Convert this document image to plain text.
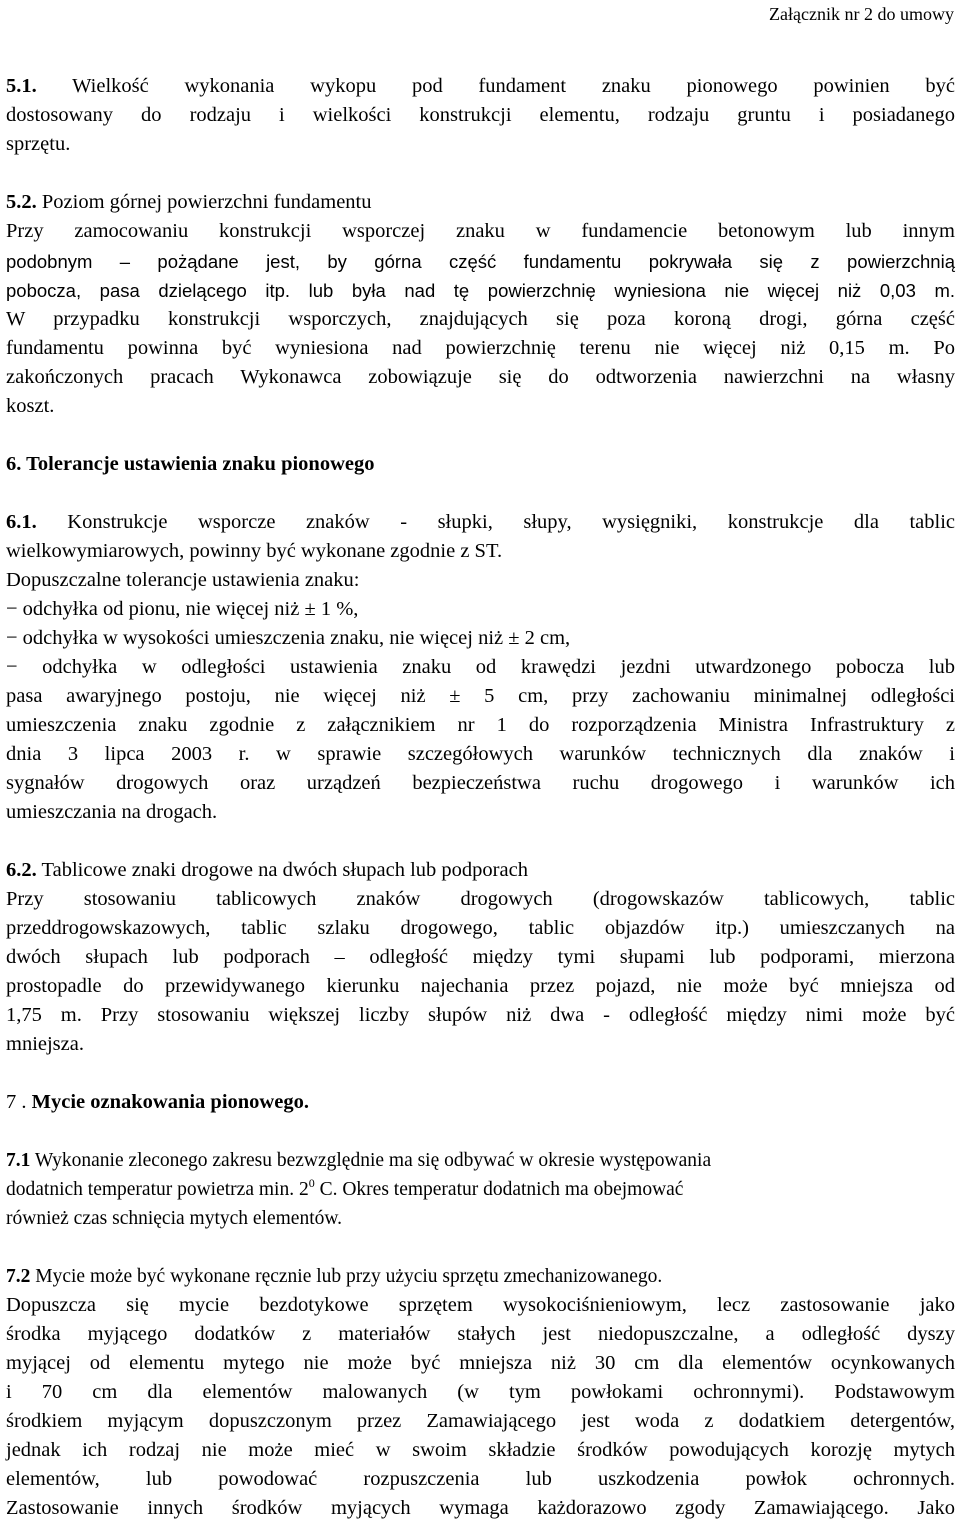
Załącznik nr 2 do umowy
5.1. Wielkość wykonania wykopu pod fundament znaku pionowego powinien być
dostosowany do rodzaju i wielkości konstrukcji elementu, rodzaju gruntu i posiadanego
sprzętu.
5.2. Poziom górnej powierzchni fundamentu
Przy zamocowaniu konstrukcji wsporczej znaku w fundamencie betonowym lub innym
podobnym – pożądane jest, by górna część fundamentu pokrywała się z powierzchnią
pobocza, pasa dzielącego itp. lub była nad tę powierzchnię wyniesiona nie więcej niż 0,03 m.
W przypadku konstrukcji wsporczych, znajdujących się poza koroną drogi, górna część
fundamentu powinna być wyniesiona nad powierzchnię terenu nie więcej niż 0,15 m. Po
zakończonych pracach Wykonawca zobowiązuje się do odtworzenia nawierzchni na własny
koszt.
6. Tolerancje ustawienia znaku pionowego
6.1. Konstrukcje wsporcze znaków - słupki, słupy, wysięgniki, konstrukcje dla tablic
wielkowymiarowych, powinny być wykonane zgodnie z ST.
Dopuszczalne tolerancje ustawienia znaku:
− odchyłka od pionu, nie więcej niż ± 1 %,
− odchyłka w wysokości umieszczenia znaku, nie więcej niż ± 2 cm,
− odchyłka w odległości ustawienia znaku od krawędzi jezdni utwardzonego pobocza lub
pasa awaryjnego postoju, nie więcej niż ± 5 cm, przy zachowaniu minimalnej odległości
umieszczenia znaku zgodnie z załącznikiem nr 1 do rozporządzenia Ministra Infrastruktury z
dnia 3 lipca 2003 r. w sprawie szczegółowych warunków technicznych dla znaków i
sygnałów drogowych oraz urządzeń bezpieczeństwa ruchu drogowego i warunków ich
umieszczania na drogach.
6.2. Tablicowe znaki drogowe na dwóch słupach lub podporach
Przy stosowaniu tablicowych znaków drogowych (drogowskazów tablicowych, tablic
przeddrogowskazowych, tablic szlaku drogowego, tablic objazdów itp.) umieszczanych na
dwóch słupach lub podporach – odległość między tymi słupami lub podporami, mierzona
prostopadle do przewidywanego kierunku najechania przez pojazd, nie może być mniejsza od
1,75 m. Przy stosowaniu większej liczby słupów niż dwa - odległość między nimi może być
mniejsza.
7 . Mycie oznakowania pionowego.
7.1 Wykonanie zleconego zakresu bezwzględnie ma się odbywać w okresie występowania
dodatnich temperatur powietrza min. $2^0$ C. Okres temperatur dodatnich ma obejmować
również czas schnięcia mytych elementów.
7.2 Mycie może być wykonane ręcznie lub przy użyciu sprzętu zmechanizowanego.
Dopuszcza się mycie bezdotykowe sprzętem wysokociśnieniowym, lecz zastosowanie jako
środka myjącego dodatków z materiałów stałych jest niedopuszczalne, a odległość dyszy
myjącej od elementu mytego nie może być mniejsza niż 30 cm dla elementów ocynkowanych
i 70 cm dla elementów malowanych (w tym powłokami ochronnymi). Podstawowym
środkiem myjącym dopuszczonym przez Zamawiającego jest woda z dodatkiem detergentów,
jednak ich rodzaj nie może mieć w swoim składzie środków powodujących korozję mytych
elementów, lub powodować rozpuszczenia lub uszkodzenia powłok ochronnych.
Zastosowanie innych środków myjących wymaga każdorazowo zgody Zamawiającego. Jako
